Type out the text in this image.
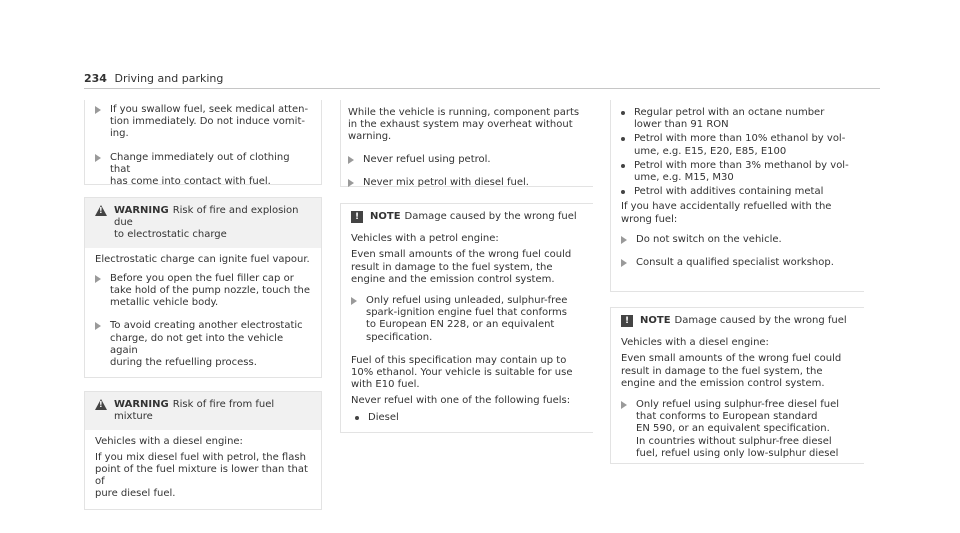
234 Driving and parking
If you swallow fuel, seek medical atten-
tion immediately. Do not induce vomit-
ing.
Change immediately out of clothing that
has come into contact with fuel.
!
WARNING Risk of fire and explosion due
to electrostatic charge
Electrostatic charge can ignite fuel vapour.
Before you open the fuel filler cap or
take hold of the pump nozzle, touch the
metallic vehicle body.
To avoid creating another electrostatic
charge, do not get into the vehicle again
during the refuelling process.
!
WARNING Risk of fire from fuel mixture
Vehicles with a diesel engine:
If you mix diesel fuel with petrol, the flash
point of the fuel mixture is lower than that of
pure diesel fuel.
While the vehicle is running, component parts
in the exhaust system may overheat without
warning.
Never refuel using petrol.
Never mix petrol with diesel fuel.
!	NOTE Damage caused by the wrong fuel
Vehicles with a petrol engine:
Even small amounts of the wrong fuel could
result in damage to the fuel system, the
engine and the emission control system.
Only refuel using unleaded, sulphur-free
spark-ignition engine fuel that conforms
to European EN 228, or an equivalent
specification.
Fuel of this specification may contain up to
10% ethanol. Your vehicle is suitable for use
with E10 fuel.
Never refuel with one of the following fuels:
Diesel
Regular petrol with an octane number
lower than 91 RON
Petrol with more than 10% ethanol by vol-
ume, e.g. E15, E20, E85, E100
Petrol with more than 3% methanol by vol-
ume, e.g. M15, M30
Petrol with additives containing metal
If you have accidentally refuelled with the
wrong fuel:
Do not switch on the vehicle.
Consult a qualified specialist workshop.
!	NOTE Damage caused by the wrong fuel
Vehicles with a diesel engine:
Even small amounts of the wrong fuel could
result in damage to the fuel system, the
engine and the emission control system.
Only refuel using sulphur-free diesel fuel
that conforms to European standard
EN 590, or an equivalent specification.
In countries without sulphur-free diesel
fuel, refuel using only low-sulphur diesel
